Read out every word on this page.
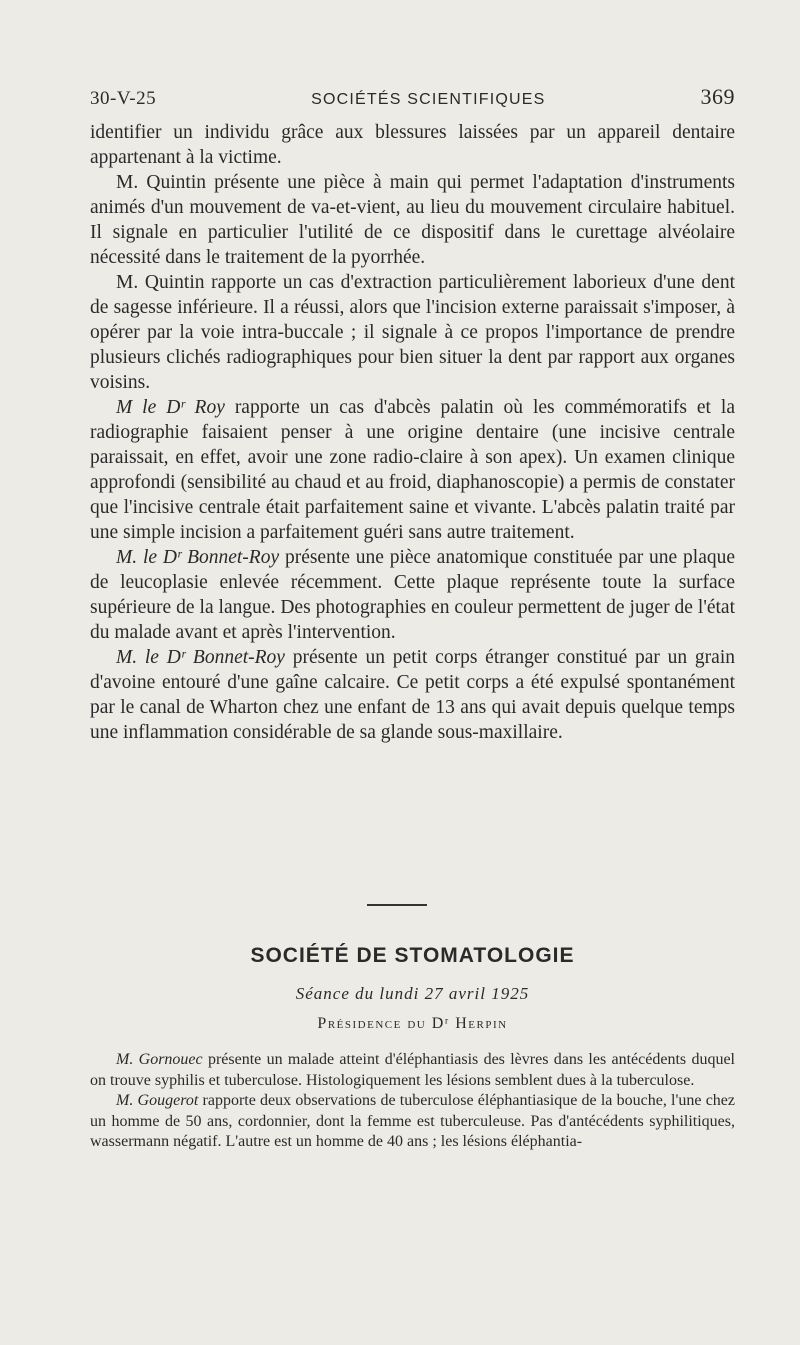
30-V-25	SOCIÉTÉS SCIENTIFIQUES	369

identifier un individu grâce aux blessures laissées par un appareil dentaire appartenant à la victime.

M. Quintin présente une pièce à main qui permet l'adaptation d'instruments animés d'un mouvement de va-et-vient, au lieu du mouvement circulaire habituel. Il signale en particulier l'utilité de ce dispositif dans le curettage alvéolaire nécessité dans le traitement de la pyorrhée.

M. Quintin rapporte un cas d'extraction particulièrement laborieux d'une dent de sagesse inférieure. Il a réussi, alors que l'incision externe paraissait s'imposer, à opérer par la voie intra-buccale ; il signale à ce propos l'importance de prendre plusieurs clichés radiographiques pour bien situer la dent par rapport aux organes voisins.

M le Dʳ Roy rapporte un cas d'abcès palatin où les commémoratifs et la radiographie faisaient penser à une origine dentaire (une incisive centrale paraissait, en effet, avoir une zone radio-claire à son apex). Un examen clinique approfondi (sensibilité au chaud et au froid, diaphanoscopie) a permis de constater que l'incisive centrale était parfaitement saine et vivante. L'abcès palatin traité par une simple incision a parfaitement guéri sans autre traitement.

M. le Dʳ Bonnet-Roy présente une pièce anatomique constituée par une plaque de leucoplasie enlevée récemment. Cette plaque représente toute la surface supérieure de la langue. Des photographies en couleur permettent de juger de l'état du malade avant et après l'intervention.

M. le Dʳ Bonnet-Roy présente un petit corps étranger constitué par un grain d'avoine entouré d'une gaîne calcaire. Ce petit corps a été expulsé spontanément par le canal de Wharton chez une enfant de 13 ans qui avait depuis quelque temps une inflammation considérable de sa glande sous-maxillaire.

SOCIÉTÉ DE STOMATOLOGIE
Séance du lundi 27 avril 1925
Présidence du Dʳ Herpin

M. Gornouec présente un malade atteint d'éléphantiasis des lèvres dans les antécédents duquel on trouve syphilis et tuberculose. Histologiquement les lésions semblent dues à la tuberculose.

M. Gougerot rapporte deux observations de tuberculose éléphantiasique de la bouche, l'une chez un homme de 50 ans, cordonnier, dont la femme est tuberculeuse. Pas d'antécédents syphilitiques, wassermann négatif. L'autre est un homme de 40 ans ; les lésions éléphantia-
